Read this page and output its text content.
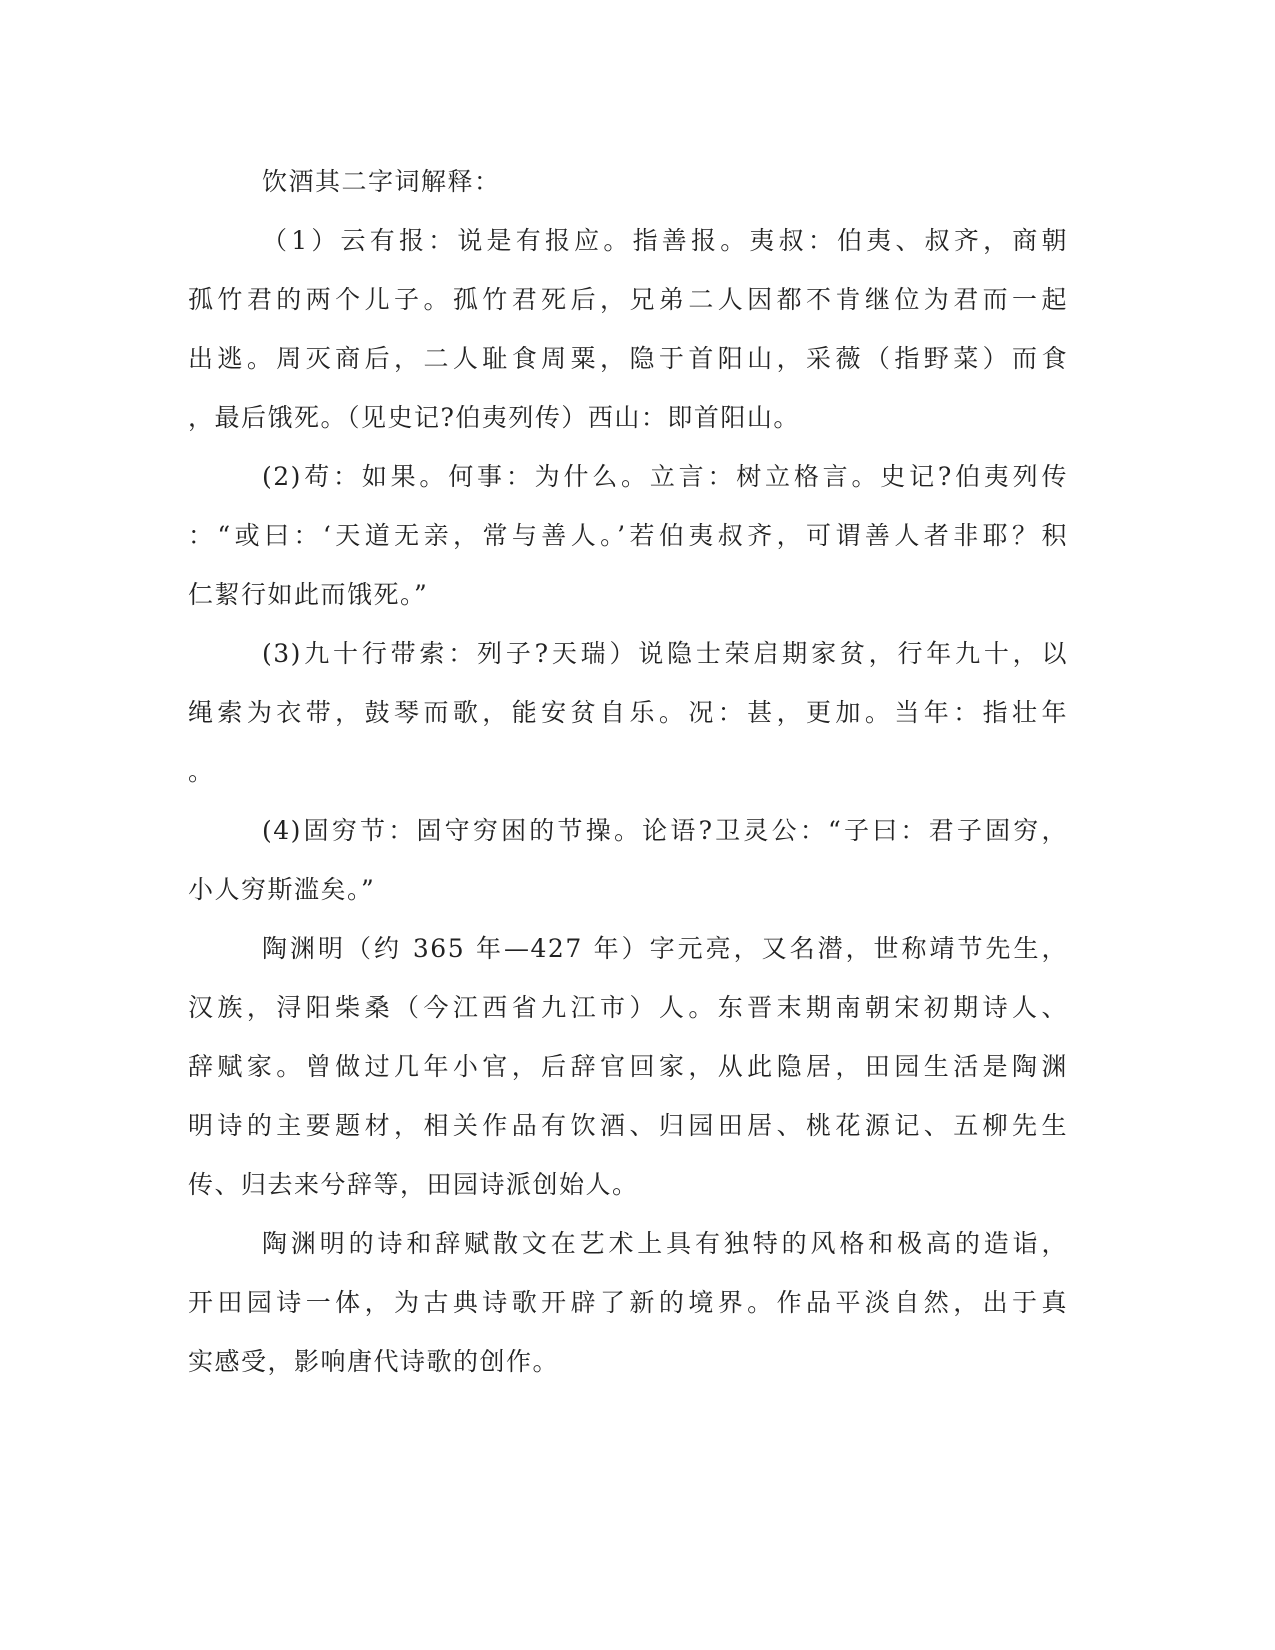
饮酒其二字词解释：
（1）云有报：说是有报应。指善报。夷叔：伯夷、叔齐，商朝
孤竹君的两个儿子。孤竹君死后，兄弟二人因都不肯继位为君而一起
出逃。周灭商后，二人耻食周粟，隐于首阳山，采薇（指野菜）而食
，最后饿死。（见史记?伯夷列传）西山：即首阳山。
(2)苟：如果。何事：为什么。立言：树立格言。史记?伯夷列传
：“或曰：‘天道无亲，常与善人。’若伯夷叔齐，可谓善人者非耶？积
仁絜行如此而饿死。”
(3)九十行带索：列子?天瑞）说隐士荣启期家贫，行年九十，以
绳索为衣带，鼓琴而歌，能安贫自乐。况：甚，更加。当年：指壮年
。
(4)固穷节：固守穷困的节操。论语?卫灵公：“子曰：君子固穷，
小人穷斯滥矣。”
陶渊明（约 365 年—427 年）字元亮，又名潜，世称靖节先生，
汉族，浔阳柴桑（今江西省九江市）人。东晋末期南朝宋初期诗人、
辞赋家。曾做过几年小官，后辞官回家，从此隐居，田园生活是陶渊
明诗的主要题材，相关作品有饮酒、归园田居、桃花源记、五柳先生
传、归去来兮辞等，田园诗派创始人。
陶渊明的诗和辞赋散文在艺术上具有独特的风格和极高的造诣，
开田园诗一体，为古典诗歌开辟了新的境界。作品平淡自然，出于真
实感受，影响唐代诗歌的创作。
